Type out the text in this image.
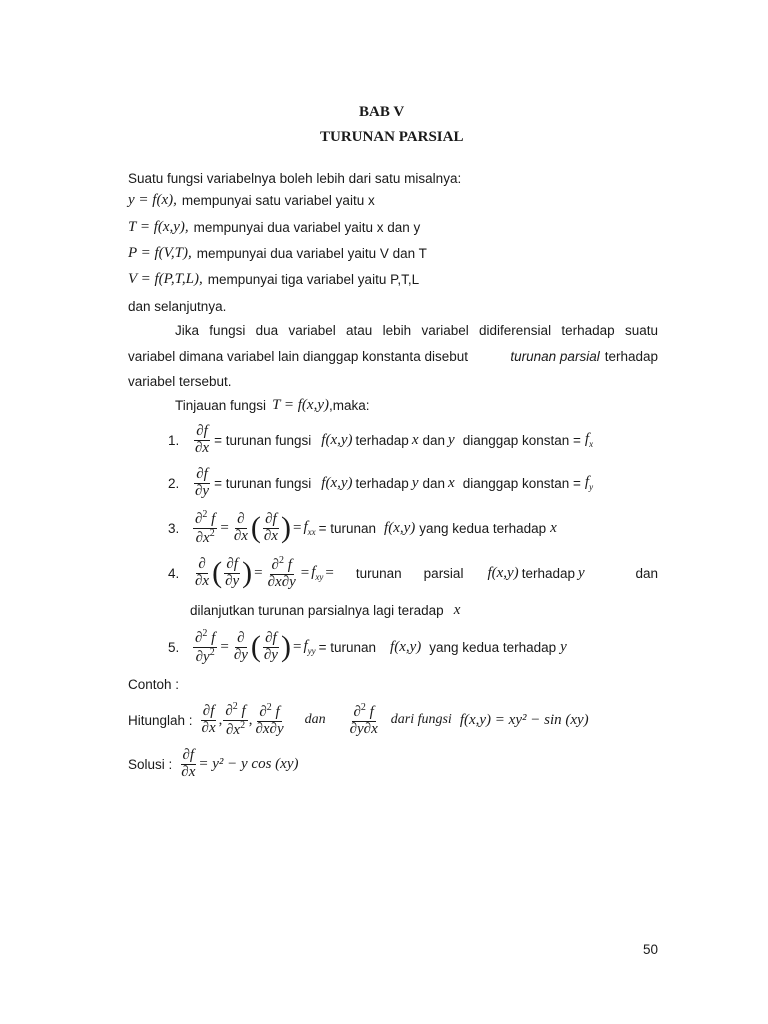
BAB V
TURUNAN PARSIAL
Suatu fungsi variabelnya boleh lebih dari satu misalnya:
y = f(x), mempunyai satu variabel yaitu x
T = f(x,y), mempunyai dua variabel yaitu x dan y
P = f(V,T), mempunyai dua variabel yaitu V dan T
V = f(P,T,L), mempunyai tiga variabel yaitu P,T,L
dan selanjutnya.
Jika fungsi dua variabel atau lebih variabel didiferensial terhadap suatu
variabel dimana variabel lain dianggap konstanta disebut	turunan parsial terhadap
variabel tersebut.
Tinjauan fungsi T = f(x,y) ,maka:
1. $\frac{\partial f}{\partial x}$ = turunan fungsi f(x,y) terhadap x dan y dianggap konstan = $f_x$
2. $\frac{\partial f}{\partial y}$ = turunan fungsi f(x,y) terhadap y dan x dianggap konstan = $f_y$
3. $\frac{\partial^2 f}{\partial x^2} = \frac{\partial}{\partial x}$ ( $\frac{\partial f}{\partial x}$ ) = $f_{xx}$ = turunan f(x,y) yang kedua terhadap x
4. $\frac{\partial}{\partial x}$ ( $\frac{\partial f}{\partial y}$ ) = $\frac{\partial^2 f}{\partial x\partial y} = f_{xy}$ = turunan parsial f(x,y) terhadap y	dan
dilanjutkan turunan parsialnya lagi teradap x
5. $\frac{\partial^2 f}{\partial y^2} = \frac{\partial}{\partial y}$ ( $\frac{\partial f}{\partial y}$ ) = $f_{yy}$ = turunan f(x,y) yang kedua terhadap y
Contoh :
Hitunglah : $\frac{\partial f}{\partial x}$ , $\frac{\partial^2 f}{\partial x^2}$ , $\frac{\partial^2 f}{\partial x\partial y}$ dan $\frac{\partial^2 f}{\partial y\partial x}$ dari fungsi f(x,y) = xy² − sin (xy)
Solusi : $\frac{\partial f}{\partial x} = y^2 - y$ cos (xy)
50
